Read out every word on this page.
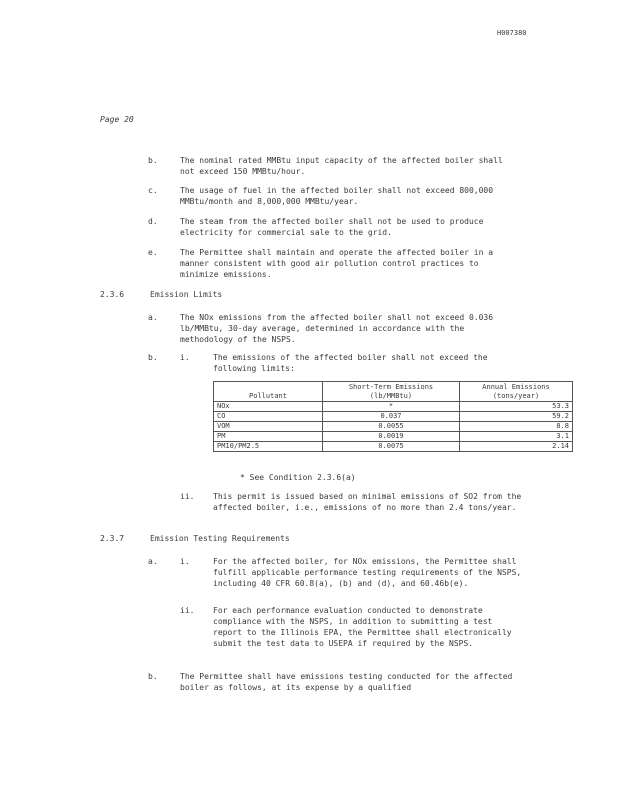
H007380
Page 20
b.	The nominal rated MMBtu input capacity of the affected boiler shall not exceed 150 MMBtu/hour.
c.	The usage of fuel in the affected boiler shall not exceed 800,000 MMBtu/month and 8,000,000 MMBtu/year.
d.	The steam from the affected boiler shall not be used to produce electricity for commercial sale to the grid.
e.	The Permittee shall maintain and operate the affected boiler in a manner consistent with good air pollution control practices to minimize emissions.
2.3.6	Emission Limits
a.	The NOx emissions from the affected boiler shall not exceed 0.036 lb/MMBtu, 30-day average, determined in accordance with the methodology of the NSPS.
b.	i.	The emissions of the affected boiler shall not exceed the following limits:
Pollutant	Short-Term Emissions (lb/MMBtu)	Annual Emissions (tons/year)
NOx	*	53.3
CO	0.037	59.2
VOM	0.0055	8.8
PM	0.0019	3.1
PM10/PM2.5	0.0075	2.14
* See Condition 2.3.6(a)
ii. This permit is issued based on minimal emissions of SO2 from the affected boiler, i.e., emissions of no more than 2.4 tons/year.
2.3.7	Emission Testing Requirements
a.	i.	For the affected boiler, for NOx emissions, the Permittee shall fulfill applicable performance testing requirements of the NSPS, including 40 CFR 60.8(a), (b) and (d), and 60.46b(e).
ii. For each performance evaluation conducted to demonstrate compliance with the NSPS, in addition to submitting a test report to the Illinois EPA, the Permittee shall electronically submit the test data to USEPA if required by the NSPS.
b.	The Permittee shall have emissions testing conducted for the affected boiler as follows, at its expense by a qualified
